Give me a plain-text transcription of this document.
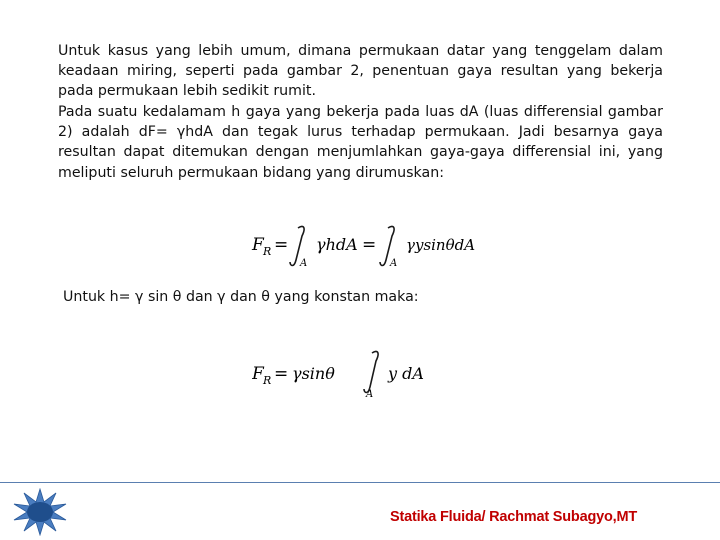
Untuk kasus yang lebih umum, dimana permukaan datar yang tenggelam dalam keadaan miring, seperti pada gambar 2, penentuan gaya resultan yang bekerja pada permukaan lebih sedikit rumit.

Pada suatu kedalamam h gaya yang bekerja pada luas dA (luas differensial gambar 2) adalah dF= γhdA dan tegak lurus terhadap permukaan. Jadi besarnya gaya resultan dapat ditemukan dengan menjumlahkan gaya-gaya differensial ini, yang meliputi seluruh permukaan bidang yang dirumuskan:

F R =
A
γhdA =
A
γysinθdA

Untuk h= γ sin θ dan γ dan θ yang konstan maka:

F R = γsinθ
A
y dA
Statika Fluida/ Rachmat Subagyo,MT
